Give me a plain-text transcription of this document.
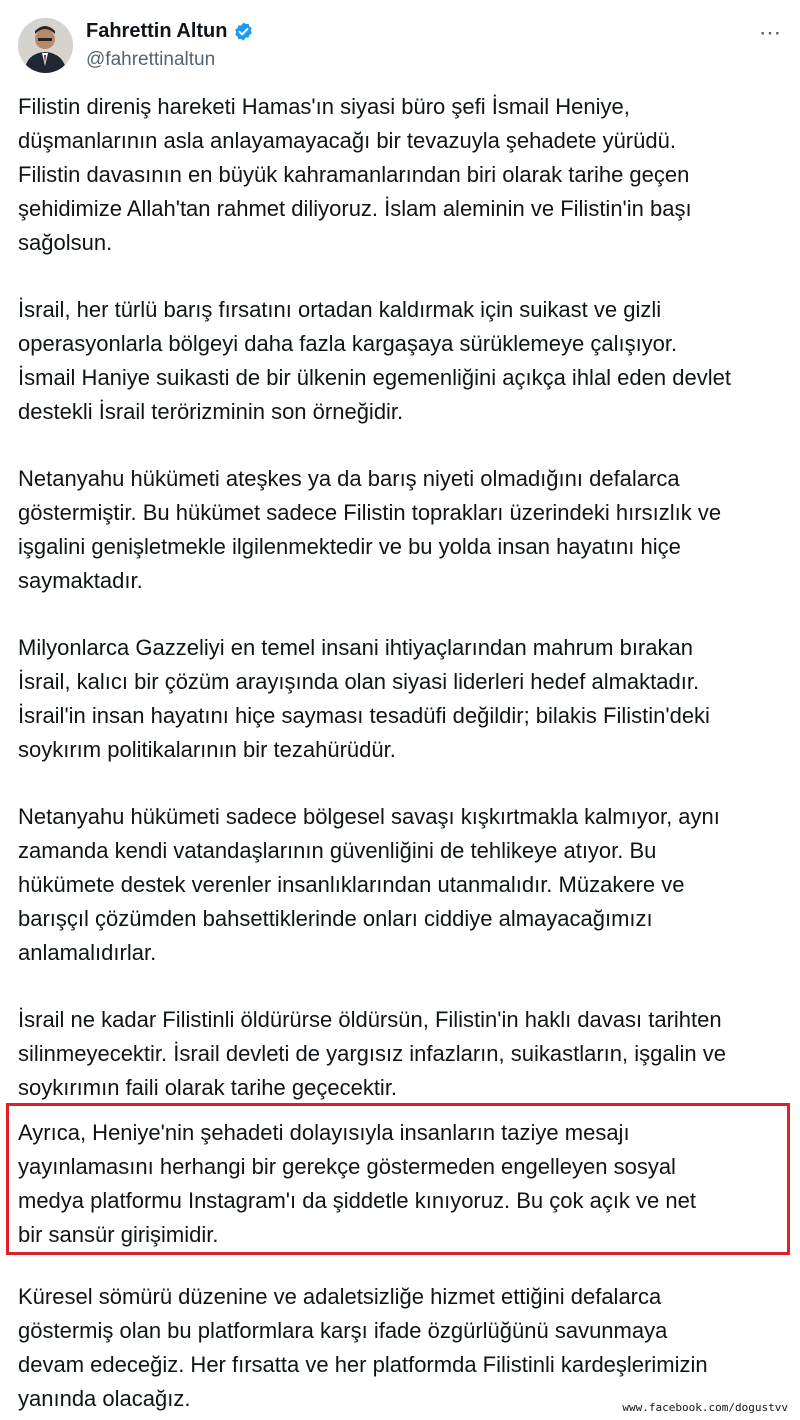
Fahrettin Altun
@fahrettinaltun
⋯

Filistin direniş hareketi Hamas'ın siyasi büro şefi İsmail Heniye,
düşmanlarının asla anlayamayacağı bir tevazuyla şehadete yürüdü.
Filistin davasının en büyük kahramanlarından biri olarak tarihe geçen
şehidimize Allah'tan rahmet diliyoruz. İslam aleminin ve Filistin'in başı
sağolsun.

İsrail, her türlü barış fırsatını ortadan kaldırmak için suikast ve gizli
operasyonlarla bölgeyi daha fazla kargaşaya sürüklemeye çalışıyor.
İsmail Haniye suikasti de bir ülkenin egemenliğini açıkça ihlal eden devlet
destekli İsrail terörizminin son örneğidir.

Netanyahu hükümeti ateşkes ya da barış niyeti olmadığını defalarca
göstermiştir. Bu hükümet sadece Filistin toprakları üzerindeki hırsızlık ve
işgalini genişletmekle ilgilenmektedir ve bu yolda insan hayatını hiçe
saymaktadır.

Milyonlarca Gazzeliyi en temel insani ihtiyaçlarından mahrum bırakan
İsrail, kalıcı bir çözüm arayışında olan siyasi liderleri hedef almaktadır.
İsrail'in insan hayatını hiçe sayması tesadüfi değildir; bilakis Filistin'deki
soykırım politikalarının bir tezahürüdür.

Netanyahu hükümeti sadece bölgesel savaşı kışkırtmakla kalmıyor, aynı
zamanda kendi vatandaşlarının güvenliğini de tehlikeye atıyor. Bu
hükümete destek verenler insanlıklarından utanmalıdır. Müzakere ve
barışçıl çözümden bahsettiklerinde onları ciddiye almayacağımızı
anlamalıdırlar.

İsrail ne kadar Filistinli öldürürse öldürsün, Filistin'in haklı davası tarihten
silinmeyecektir. İsrail devleti de yargısız infazların, suikastların, işgalin ve
soykırımın faili olarak tarihe geçecektir.

Ayrıca, Heniye'nin şehadeti dolayısıyla insanların taziye mesajı
yayınlamasını herhangi bir gerekçe göstermeden engelleyen sosyal
medya platformu Instagram'ı da şiddetle kınıyoruz. Bu çok açık ve net
bir sansür girişimidir.

Küresel sömürü düzenine ve adaletsizliğe hizmet ettiğini defalarca
göstermiş olan bu platformlara karşı ifade özgürlüğünü savunmaya
devam edeceğiz. Her fırsatta ve her platformda Filistinli kardeşlerimizin
yanında olacağız.	www.facebook.com/dogustvv
